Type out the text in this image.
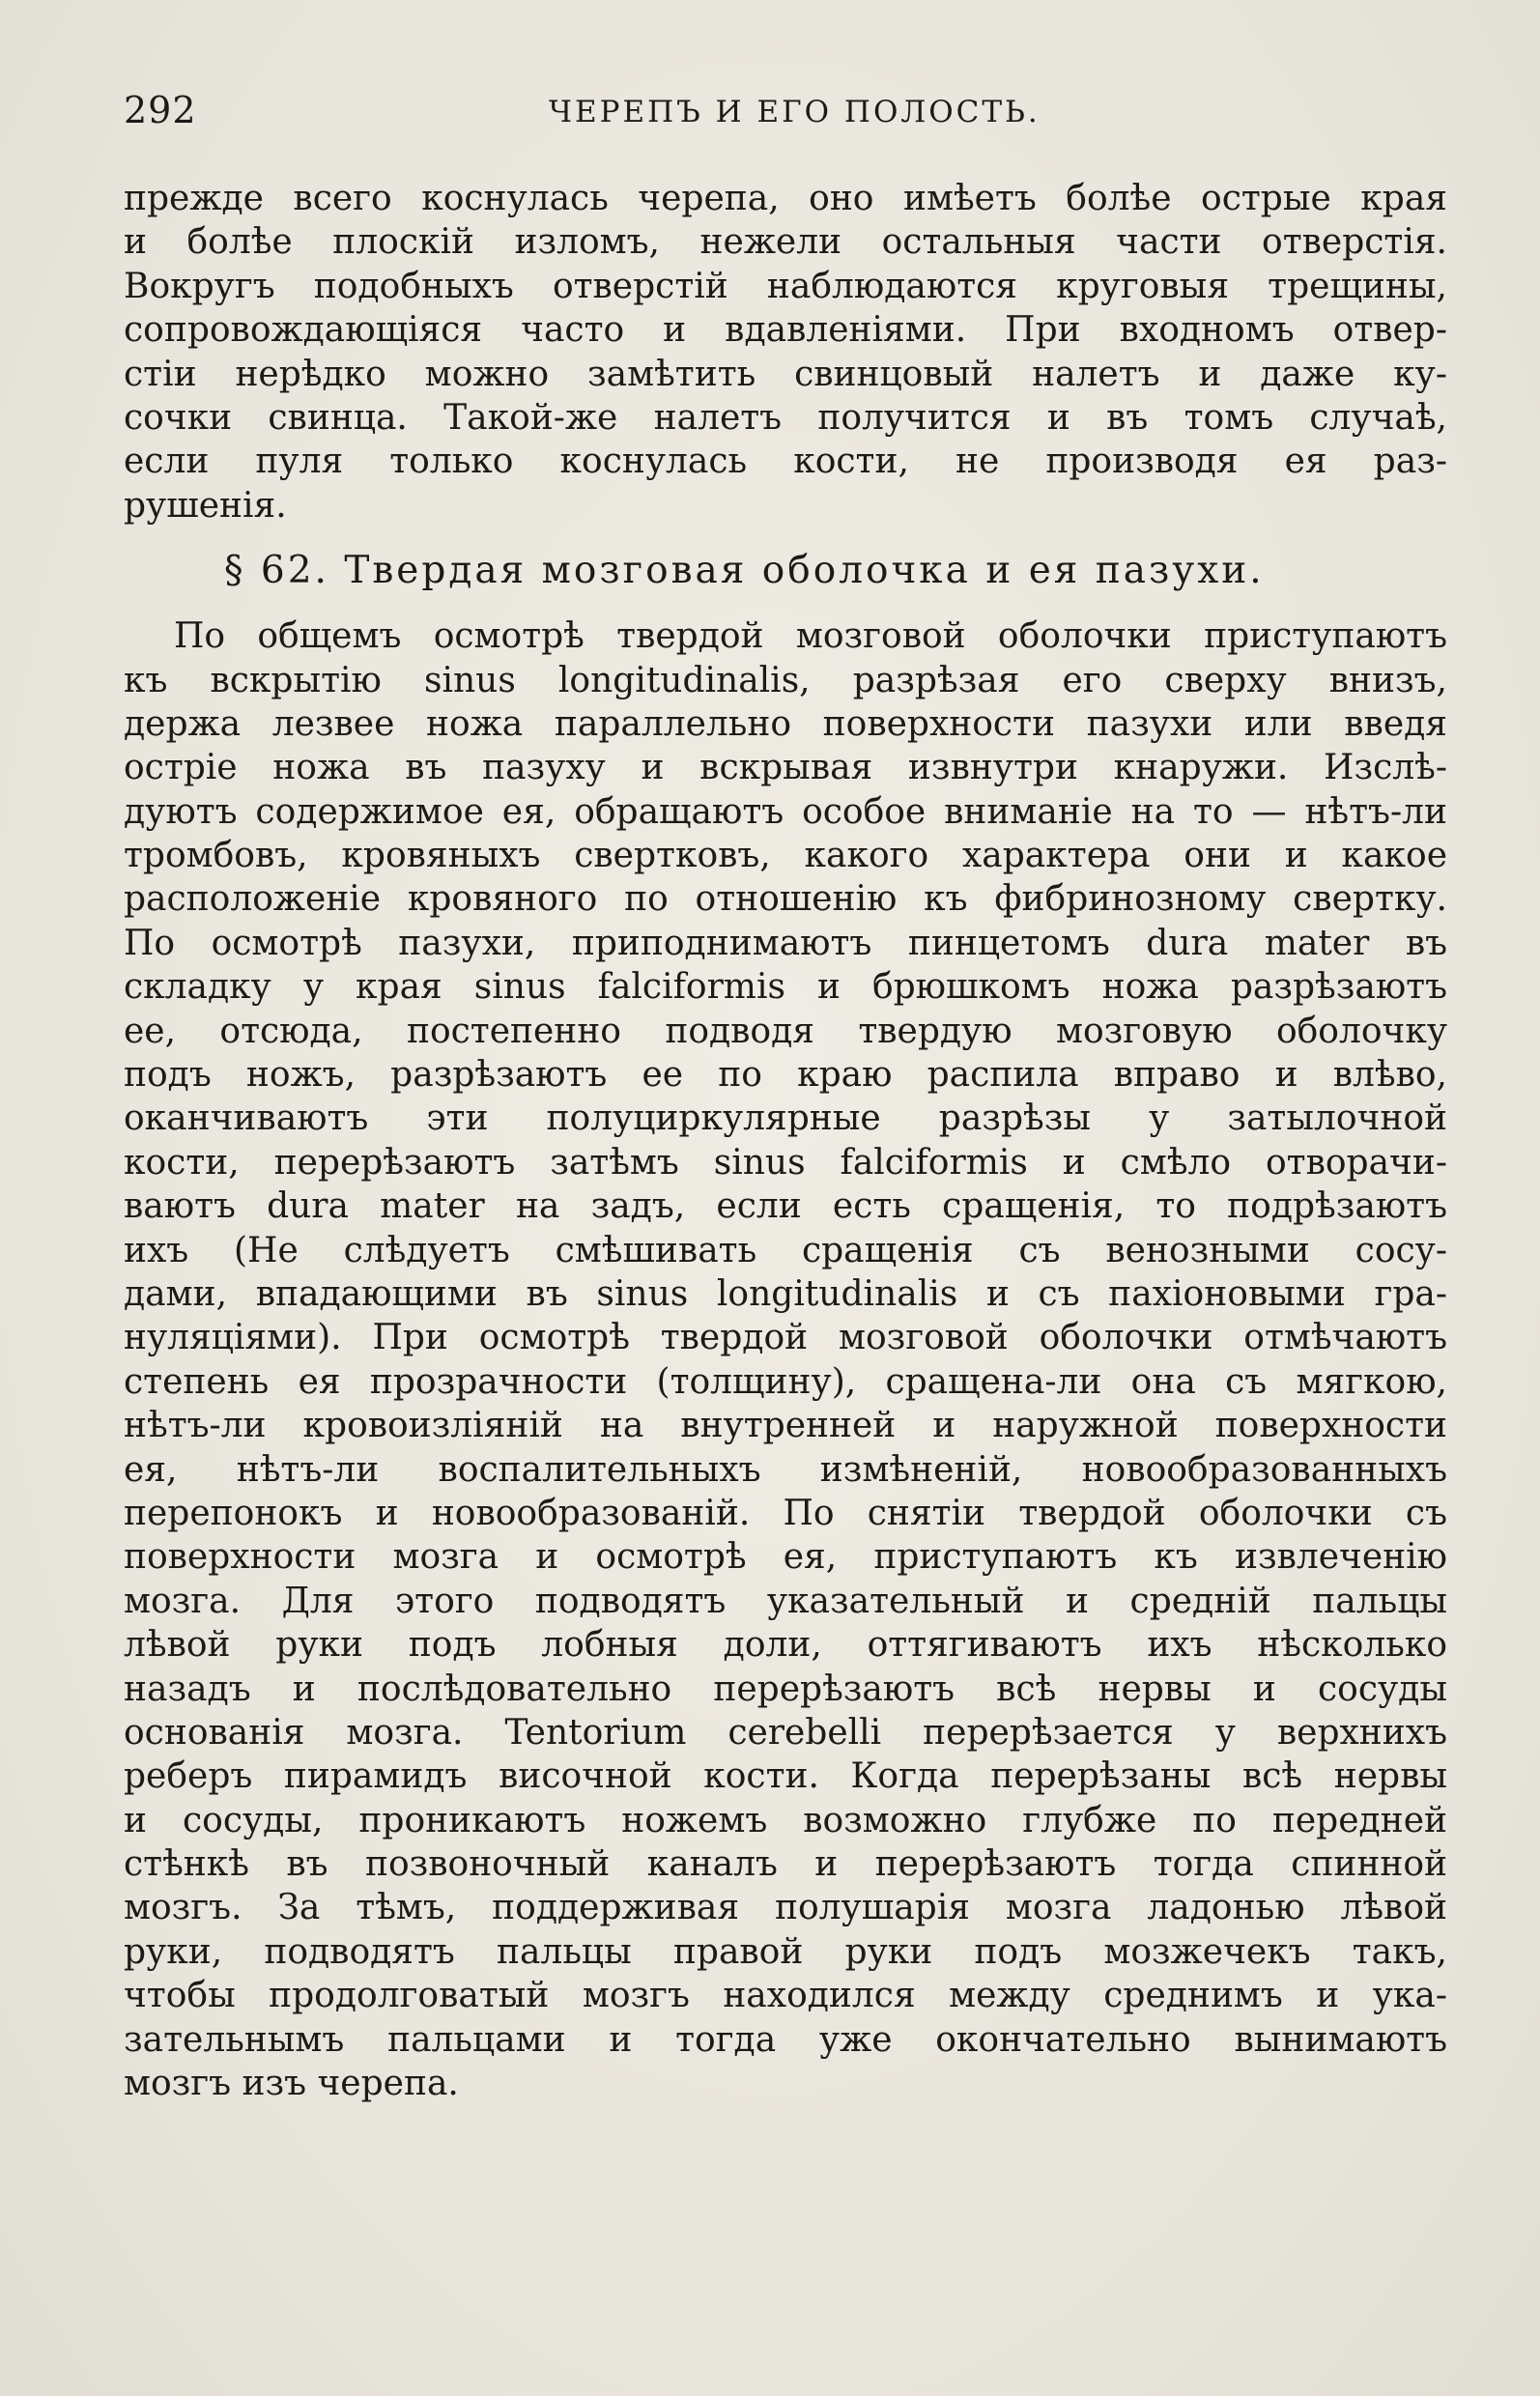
292	ЧЕРЕПЪ И ЕГО ПОЛОСТЬ.
прежде всего коснулась черепа, оно имѣетъ болѣе острые края
и болѣе плоскій изломъ, нежели остальныя части отверстія.
Вокругъ подобныхъ отверстій наблюдаются круговыя трещины,
сопровождающіяся часто и вдавленіями. При входномъ отвер-
стіи нерѣдко можно замѣтить свинцовый налетъ и даже ку-
сочки свинца. Такой-же налетъ получится и въ томъ случаѣ,
если пуля только коснулась кости, не производя ея раз-
рушенія.
§ 62. Твердая мозговая оболочка и ея пазухи.
По общемъ осмотрѣ твердой мозговой оболочки приступаютъ
къ вскрытію sinus longitudinalis, разрѣзая его сверху внизъ,
держа лезвее ножа параллельно поверхности пазухи или введя
остріе ножа въ пазуху и вскрывая извнутри кнаружи. Изслѣ-
дуютъ содержимое ея, обращаютъ особое вниманіе на то — нѣтъ-ли
тромбовъ, кровяныхъ свертковъ, какого характера они и какое
расположеніе кровяного по отношенію къ фибринозному свертку.
По осмотрѣ пазухи, приподнимаютъ пинцетомъ dura mater въ
складку у края sinus falciformis и брюшкомъ ножа разрѣзаютъ
ее, отсюда, постепенно подводя твердую мозговую оболочку
подъ ножъ, разрѣзаютъ ее по краю распила вправо и влѣво,
оканчиваютъ эти полуциркулярные разрѣзы у затылочной
кости, перерѣзаютъ затѣмъ sinus falciformis и смѣло отворачи-
ваютъ dura mater на задъ, если есть сращенія, то подрѣзаютъ
ихъ (Не слѣдуетъ смѣшивать сращенія съ венозными сосу-
дами, впадающими въ sinus longitudinalis и съ пахіоновыми гра-
нуляціями). При осмотрѣ твердой мозговой оболочки отмѣчаютъ
степень ея прозрачности (толщину), сращена-ли она съ мягкою,
нѣтъ-ли кровоизліяній на внутренней и наружной поверхности
ея, нѣтъ-ли воспалительныхъ измѣненій, новообразованныхъ
перепонокъ и новообразованій. По снятіи твердой оболочки съ
поверхности мозга и осмотрѣ ея, приступаютъ къ извлеченію
мозга. Для этого подводятъ указательный и средній пальцы
лѣвой руки подъ лобныя доли, оттягиваютъ ихъ нѣсколько
назадъ и послѣдовательно перерѣзаютъ всѣ нервы и сосуды
основанія мозга. Tentorium cerebelli перерѣзается у верхнихъ
реберъ пирамидъ височной кости. Когда перерѣзаны всѣ нервы
и сосуды, проникаютъ ножемъ возможно глубже по передней
стѣнкѣ въ позвоночный каналъ и перерѣзаютъ тогда спинной
мозгъ. За тѣмъ, поддерживая полушарія мозга ладонью лѣвой
руки, подводятъ пальцы правой руки подъ мозжечекъ такъ,
чтобы продолговатый мозгъ находился между среднимъ и ука-
зательнымъ пальцами и тогда уже окончательно вынимаютъ
мозгъ изъ черепа.
